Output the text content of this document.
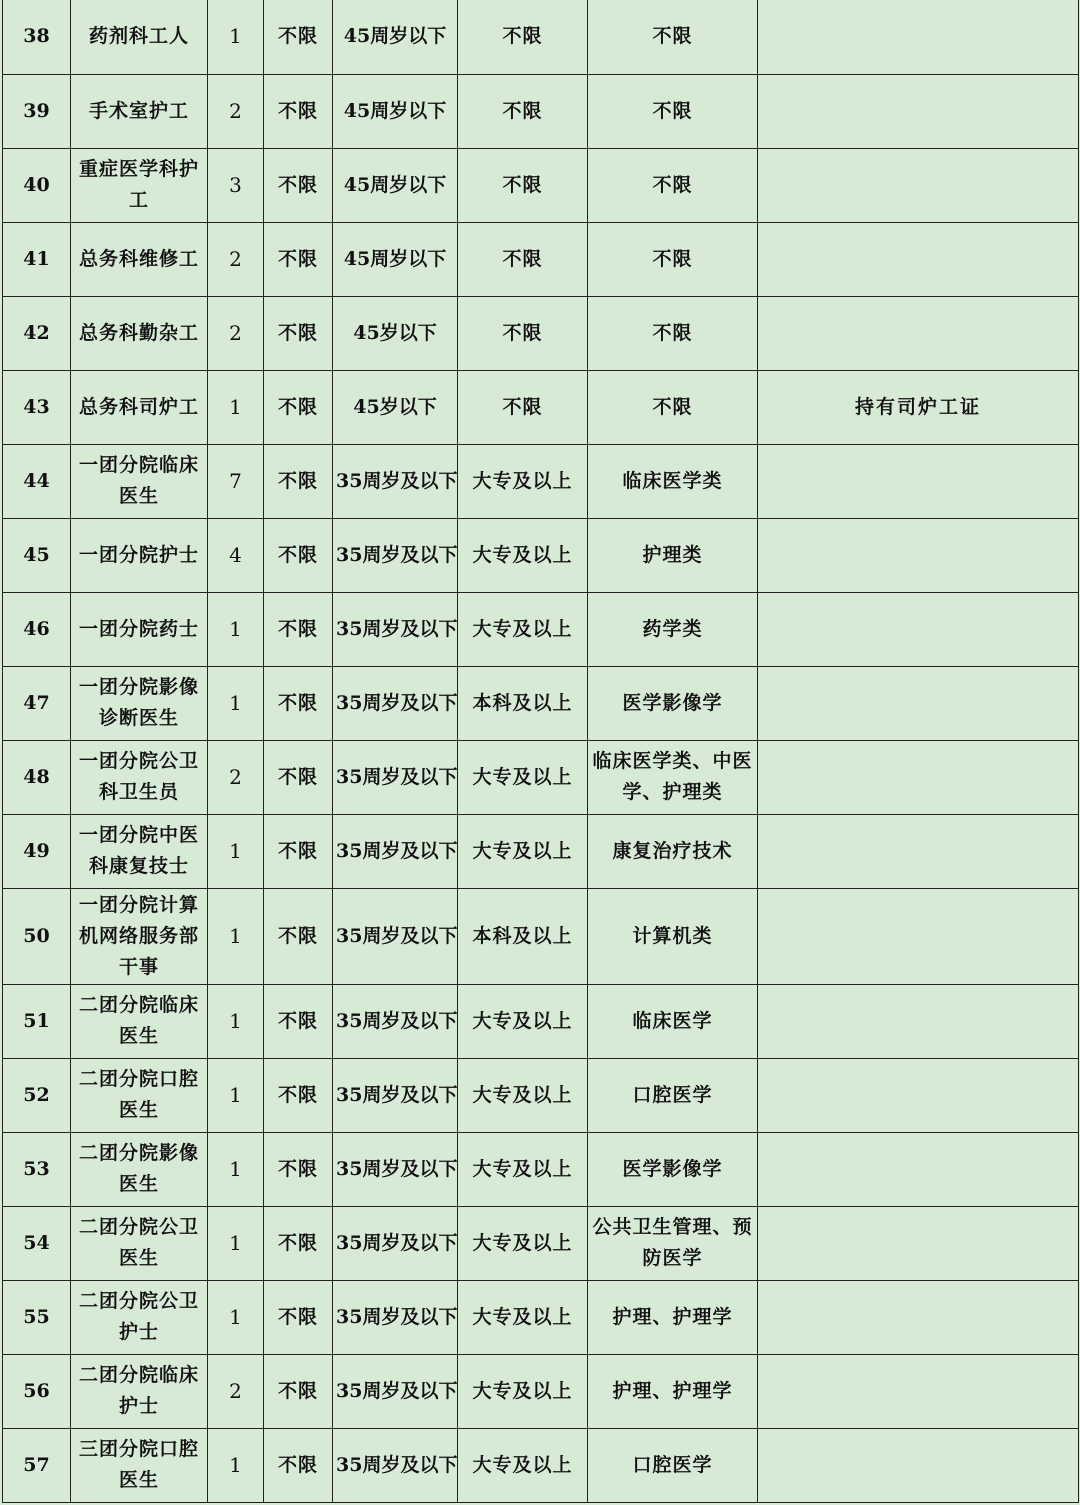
38	药剂科工人	1	不限	45周岁以下	不限	不限	
39	手术室护工	2	不限	45周岁以下	不限	不限	
40	重症医学科护工	3	不限	45周岁以下	不限	不限	
41	总务科维修工	2	不限	45周岁以下	不限	不限	
42	总务科勤杂工	2	不限	45岁以下	不限	不限	
43	总务科司炉工	1	不限	45岁以下	不限	不限	持有司炉工证
44	一团分院临床医生	7	不限	35周岁及以下	大专及以上	临床医学类	
45	一团分院护士	4	不限	35周岁及以下	大专及以上	护理类	
46	一团分院药士	1	不限	35周岁及以下	大专及以上	药学类	
47	一团分院影像诊断医生	1	不限	35周岁及以下	本科及以上	医学影像学	
48	一团分院公卫科卫生员	2	不限	35周岁及以下	大专及以上	临床医学类、中医学、护理类	
49	一团分院中医科康复技士	1	不限	35周岁及以下	大专及以上	康复治疗技术	
50	一团分院计算机网络服务部干事	1	不限	35周岁及以下	本科及以上	计算机类	
51	二团分院临床医生	1	不限	35周岁及以下	大专及以上	临床医学	
52	二团分院口腔医生	1	不限	35周岁及以下	大专及以上	口腔医学	
53	二团分院影像医生	1	不限	35周岁及以下	大专及以上	医学影像学	
54	二团分院公卫医生	1	不限	35周岁及以下	大专及以上	公共卫生管理、预防医学	
55	二团分院公卫护士	1	不限	35周岁及以下	大专及以上	护理、护理学	
56	二团分院临床护士	2	不限	35周岁及以下	大专及以上	护理、护理学	
57	三团分院口腔医生	1	不限	35周岁及以下	大专及以上	口腔医学	
